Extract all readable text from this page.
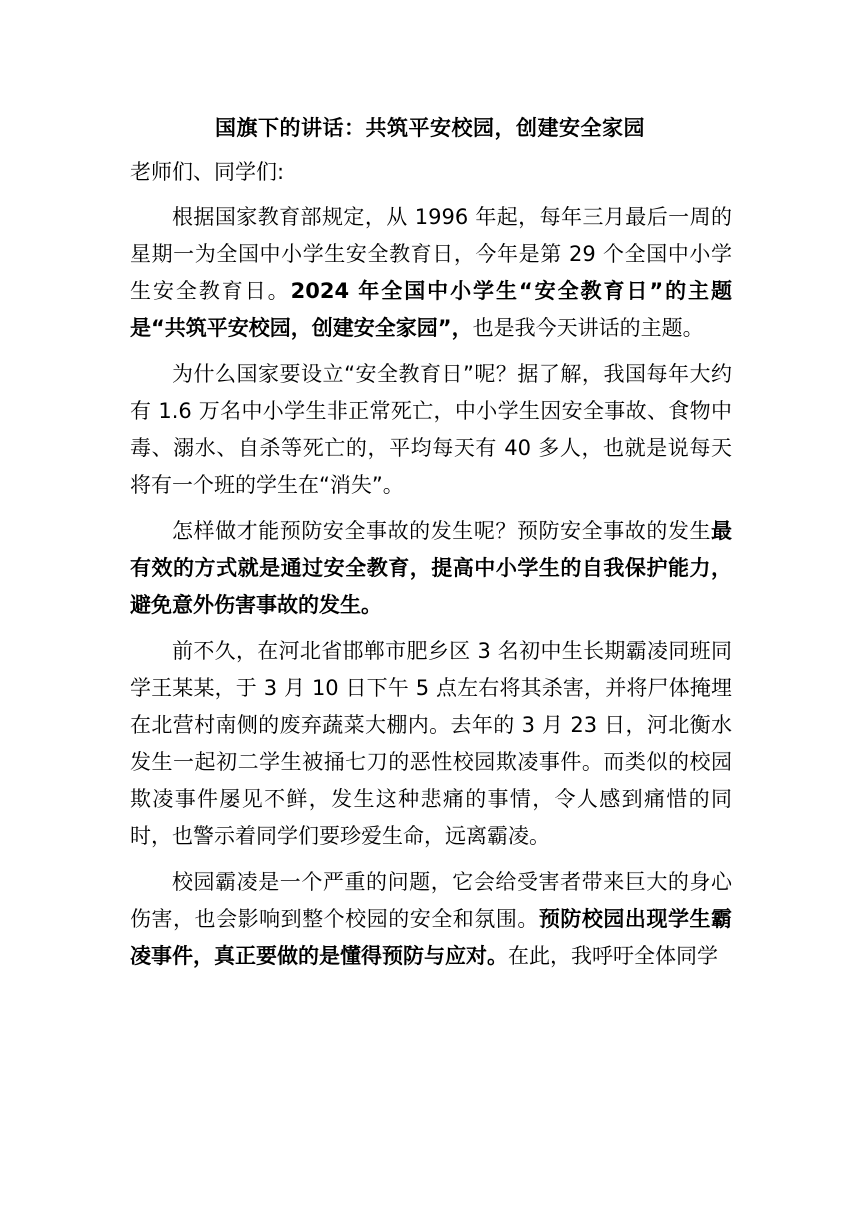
国旗下的讲话：共筑平安校园，创建安全家园
老师们、同学们:

根据国家教育部规定，从 1996 年起，每年三月最后一周的星期一为全国中小学生安全教育日，今年是第 29 个全国中小学生安全教育日。2024 年全国中小学生“安全教育日”的主题是“共筑平安校园，创建安全家园”，也是我今天讲话的主题。

为什么国家要设立“安全教育日”呢？据了解，我国每年大约有 1.6 万名中小学生非正常死亡，中小学生因安全事故、食物中毒、溺水、自杀等死亡的，平均每天有 40 多人，也就是说每天将有一个班的学生在“消失”。

怎样做才能预防安全事故的发生呢？预防安全事故的发生最有效的方式就是通过安全教育，提高中小学生的自我保护能力，避免意外伤害事故的发生。

前不久，在河北省邯郸市肥乡区 3 名初中生长期霸凌同班同学王某某，于 3 月 10 日下午 5 点左右将其杀害，并将尸体掩埋在北营村南侧的废弃蔬菜大棚内。去年的 3 月 23 日，河北衡水发生一起初二学生被捅七刀的恶性校园欺凌事件。而类似的校园欺凌事件屡见不鲜，发生这种悲痛的事情，令人感到痛惜的同时，也警示着同学们要珍爱生命，远离霸凌。

校园霸凌是一个严重的问题，它会给受害者带来巨大的身心伤害，也会影响到整个校园的安全和氛围。预防校园出现学生霸凌事件，真正要做的是懂得预防与应对。在此，我呼吁全体同学
